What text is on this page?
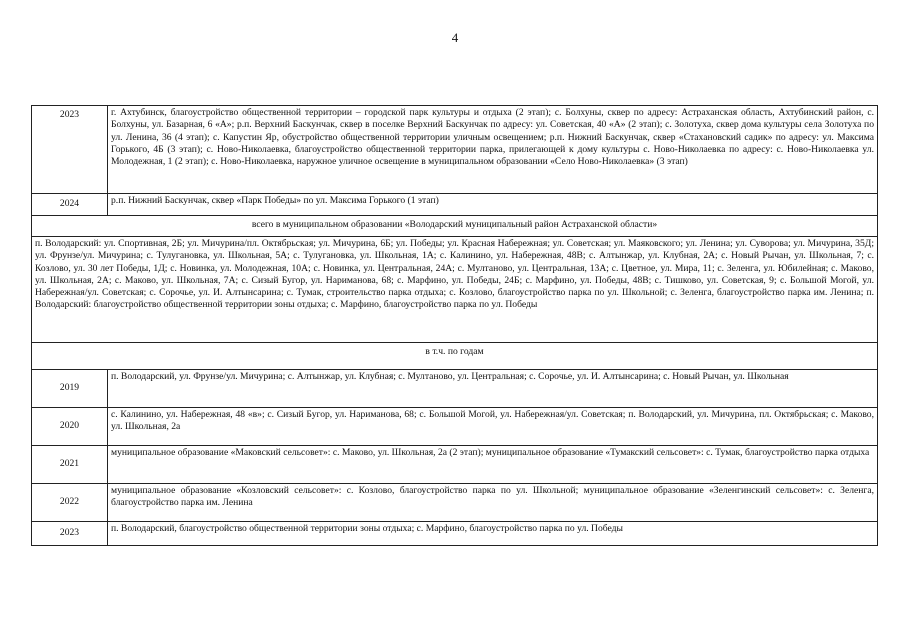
4
2023	г. Ахтубинск, благоустройство общественной территории – городской парк культуры и отдыха (2 этап); с. Болхуны, сквер по адресу: Астраханская область, Ахтубинский район, с. Болхуны, ул. Базарная, 6 «А»; р.п. Верхний Баскунчак, сквер в поселке Верхний Баскунчак по адресу: ул. Советская, 40 «А» (2 этап); с. Золотуха, сквер дома культуры села Золотуха по ул. Ленина, 36 (4 этап); с. Капустин Яр, обустройство общественной территории уличным освещением; р.п. Нижний Баскунчак, сквер «Стахановский садик» по адресу: ул. Максима Горького, 4Б (3 этап); с. Ново-Николаевка, благоустройство общественной территории парка, прилегающей к дому культуры с. Ново-Николаевка по адресу: с. Ново-Николаевка ул. Молодежная, 1 (2 этап); с. Ново-Николаевка, наружное уличное освещение в муниципальном образовании «Село Ново-Николаевка» (3 этап)
2024	р.п. Нижний Баскунчак, сквер «Парк Победы» по ул. Максима Горького (1 этап)
всего в муниципальном образовании «Володарский муниципальный район Астраханской области»	
п. Володарский: ул. Спортивная, 2Б; ул. Мичурина/пл. Октябрьская; ул. Мичурина, 6Б; ул. Победы; ул. Красная Набережная; ул. Советская; ул. Маяковского; ул. Ленина; ул. Суворова; ул. Мичурина, 35Д; ул. Фрунзе/ул. Мичурина; с. Тулугановка, ул. Школьная, 5А; с. Тулугановка, ул. Школьная, 1А; с. Калинино, ул. Набережная, 48В; с. Алтынжар, ул. Клубная, 2А; с. Новый Рычан, ул. Школьная, 7; с. Козлово, ул. 30 лет Победы, 1Д; с. Новинка, ул. Молодежная, 10А; с. Новинка, ул. Центральная, 24А; с. Мултаново, ул. Центральная, 13А; с. Цветное, ул. Мира, 11; с. Зеленга, ул. Юбилейная; с. Маково, ул. Школьная, 2А; с. Маково, ул. Школьная, 7А; с. Сизый Бугор, ул. Нариманова, 68; с. Марфино, ул. Победы, 24Б; с. Марфино, ул. Победы, 48В; с. Тишково, ул. Советская, 9; с. Большой Могой, ул. Набережная/ул. Советская; с. Сорочье, ул. И. Алтынсарина; с. Тумак, строительство парка отдыха; с. Козлово, благоустройство парка по ул. Школьной; с. Зеленга, благоустройство парка им. Ленина; п. Володарский: благоустройство общественной территории зоны отдыха; с. Марфино, благоустройство парка по ул. Победы	
в т.ч. по годам	
2019	п. Володарский, ул. Фрунзе/ул. Мичурина; с. Алтынжар, ул. Клубная; с. Мултаново, ул. Центральная; с. Сорочье, ул. И. Алтынсарина; с. Новый Рычан, ул. Школьная
2020	с. Калинино, ул. Набережная, 48 «в»; с. Сизый Бугор, ул. Нариманова, 68; с. Большой Могой, ул. Набережная/ул. Советская; п. Володарский, ул. Мичурина, пл. Октябрьская; с. Маково, ул. Школьная, 2а
2021	муниципальное образование «Маковский сельсовет»: с. Маково, ул. Школьная, 2а (2 этап); муниципальное образование «Тумакский сельсовет»: с. Тумак, благоустройство парка отдыха
2022	муниципальное образование «Козловский сельсовет»: с. Козлово, благоустройство парка по ул. Школьной; муниципальное образование «Зеленгинский сельсовет»: с. Зеленга, благоустройство парка им. Ленина
2023	п. Володарский, благоустройство общественной территории зоны отдыха; с. Марфино, благоустройство парка по ул. Победы
